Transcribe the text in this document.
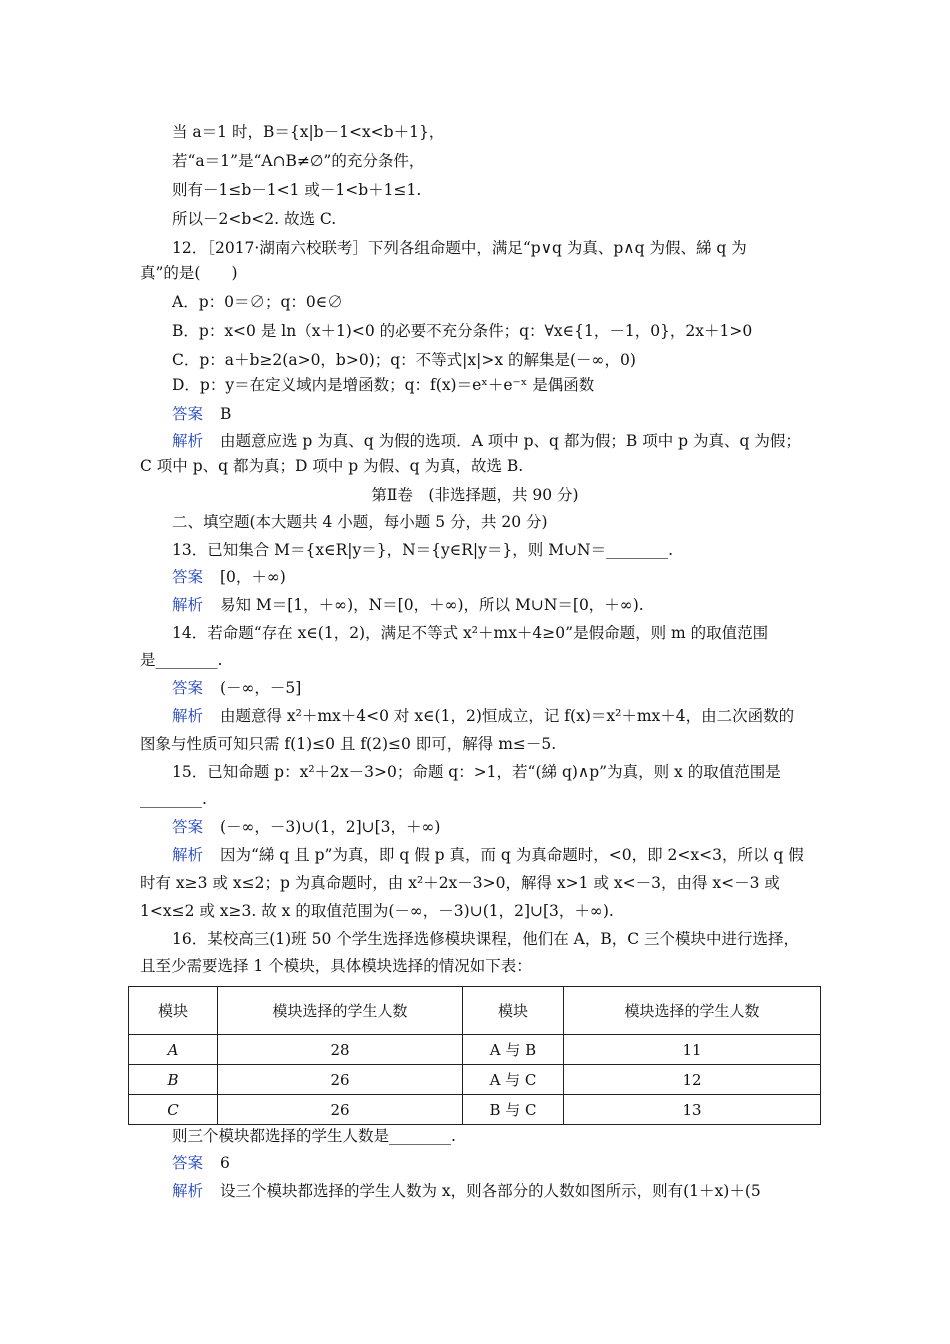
当 a＝1 时，B＝{x|b－1<x<b＋1}，
若“a＝1”是“A∩B≠∅”的充分条件，
则有－1≤b－1<1 或－1<b＋1≤1.
所以－2<b<2. 故选 C.
12．［2017·湖南六校联考］下列各组命题中，满足“p∨q 为真、p∧q 为假、綈 q 为
真”的是(　　)
A．p：0＝∅；q：0∈∅
B．p：x<0 是 ln（x＋1)<0 的必要不充分条件；q：∀x∈{1，－1，0}，2x＋1>0
C．p：a＋b≥2(a>0，b>0)；q：不等式|x|>x 的解集是(－∞，0)
D．p：y＝在定义域内是增函数；q：f(x)＝eˣ＋e⁻ˣ 是偶函数
答案 B
解析 由题意应选 p 为真、q 为假的选项．A 项中 p、q 都为假；B 项中 p 为真、q 为假；
C 项中 p、q 都为真；D 项中 p 为假、q 为真，故选 B.
第Ⅱ卷　(非选择题，共 90 分)
二、填空题(本大题共 4 小题，每小题 5 分，共 20 分)
13．已知集合 M＝{x∈R|y＝}，N＝{y∈R|y＝}，则 M∪N＝________.
答案 [0，＋∞)
解析 易知 M＝[1，＋∞)，N＝[0，＋∞)，所以 M∪N＝[0，＋∞).
14．若命题“存在 x∈(1，2)，满足不等式 x²＋mx＋4≥0”是假命题，则 m 的取值范围
是________.
答案 (－∞，－5]
解析 由题意得 x²＋mx＋4<0 对 x∈(1，2)恒成立，记 f(x)＝x²＋mx＋4，由二次函数的
图象与性质可知只需 f(1)≤0 且 f(2)≤0 即可，解得 m≤－5.
15．已知命题 p：x²＋2x－3>0；命题 q：>1，若“(綈 q)∧p”为真，则 x 的取值范围是
________.
答案 (－∞，－3)∪(1，2]∪[3，＋∞)
解析 因为“綈 q 且 p”为真，即 q 假 p 真，而 q 为真命题时，<0，即 2<x<3，所以 q 假
时有 x≥3 或 x≤2；p 为真命题时，由 x²＋2x－3>0，解得 x>1 或 x<－3，由得 x<－3 或
1<x≤2 或 x≥3. 故 x 的取值范围为(－∞，－3)∪(1，2]∪[3，＋∞).
16．某校高三(1)班 50 个学生选择选修模块课程，他们在 A，B，C 三个模块中进行选择，
且至少需要选择 1 个模块，具体模块选择的情况如下表：
模块	模块选择的学生人数	模块	模块选择的学生人数
A	28	A 与 B	11
B	26	A 与 C	12
C	26	B 与 C	13
则三个模块都选择的学生人数是________.
答案 6
解析 设三个模块都选择的学生人数为 x，则各部分的人数如图所示，则有(1＋x)＋(5
